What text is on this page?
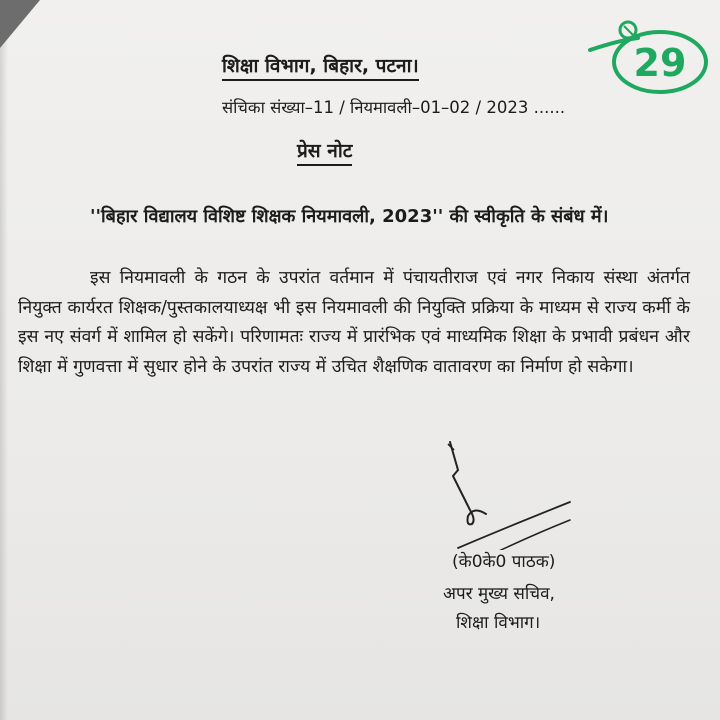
शिक्षा विभाग, बिहार, पटना।
संचिका संख्या–11 / नियमावली–01–02 / 2023 ......
प्रेस नोट
''बिहार विद्यालय विशिष्ट शिक्षक नियमावली, 2023'' की स्वीकृति के संबंध में।
इस नियमावली के गठन के उपरांत वर्तमान में पंचायतीराज एवं नगर निकाय संस्था अंतर्गत नियुक्त कार्यरत शिक्षक/पुस्तकालयाध्यक्ष भी इस नियमावली की नियुक्ति प्रक्रिया के माध्यम से राज्य कर्मी के इस नए संवर्ग में शामिल हो सकेंगे। परिणामतः राज्य में प्रारंभिक एवं माध्यमिक शिक्षा के प्रभावी प्रबंधन और शिक्षा में गुणवत्ता में सुधार होने के उपरांत राज्य में उचित शैक्षणिक वातावरण का निर्माण हो सकेगा।
(के0के0 पाठक)
अपर मुख्य सचिव,
शिक्षा विभाग।
29
